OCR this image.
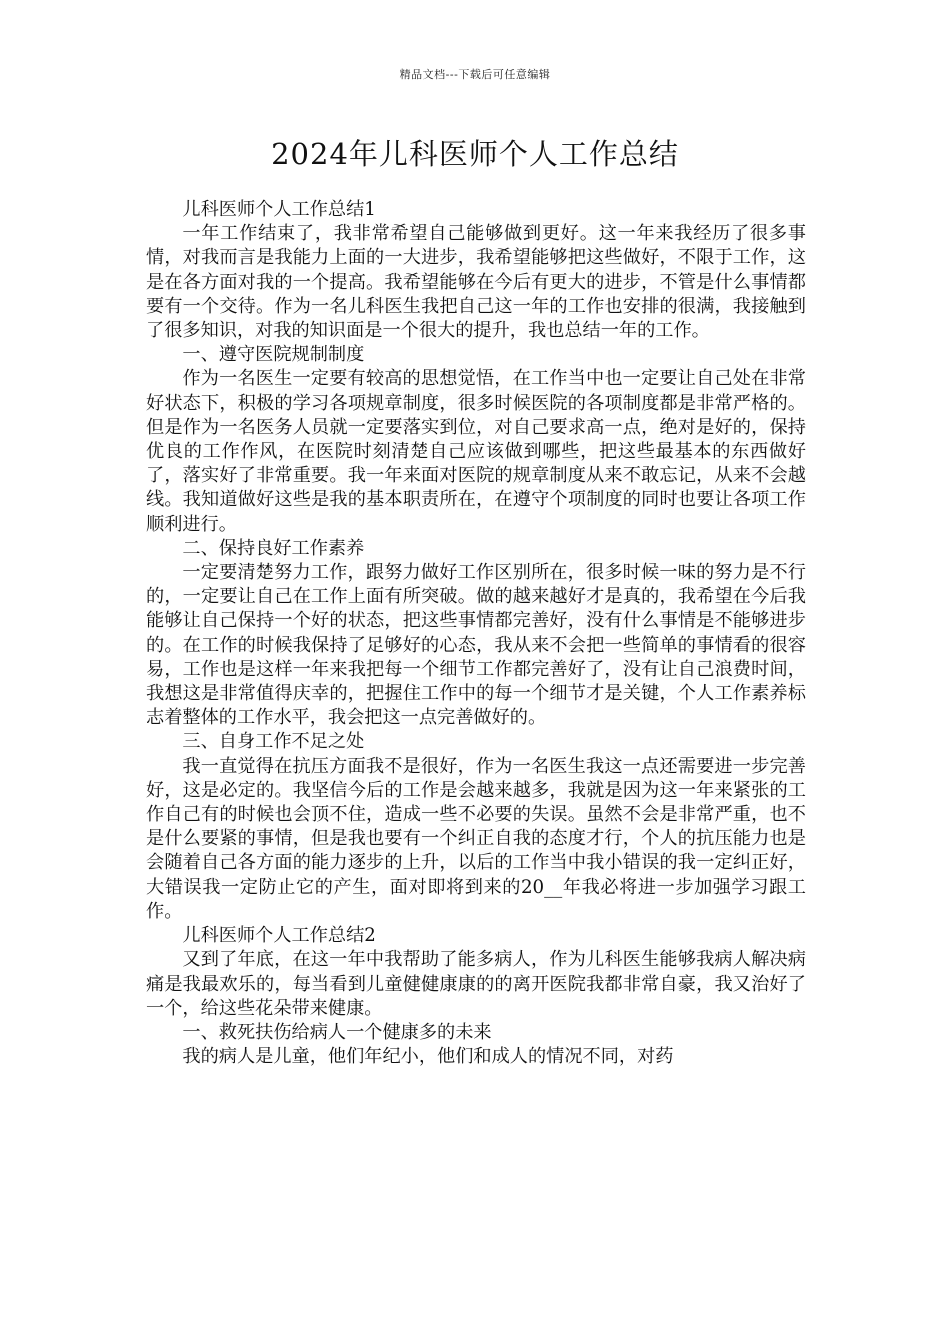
精品文档---下载后可任意编辑
2024年儿科医师个人工作总结

儿科医师个人工作总结1

一年工作结束了，我非常希望自己能够做到更好。这一年来我经历了很多事情，对我而言是我能力上面的一大进步，我希望能够把这些做好，不限于工作，这是在各方面对我的一个提高。我希望能够在今后有更大的进步，不管是什么事情都要有一个交待。作为一名儿科医生我把自己这一年的工作也安排的很满，我接触到了很多知识，对我的知识面是一个很大的提升，我也总结一年的工作。

一、遵守医院规制制度

作为一名医生一定要有较高的思想觉悟，在工作当中也一定要让自己处在非常好状态下，积极的学习各项规章制度，很多时候医院的各项制度都是非常严格的。但是作为一名医务人员就一定要落实到位，对自己要求高一点，绝对是好的，保持优良的工作作风，在医院时刻清楚自己应该做到哪些，把这些最基本的东西做好了，落实好了非常重要。我一年来面对医院的规章制度从来不敢忘记，从来不会越线。我知道做好这些是我的基本职责所在，在遵守个项制度的同时也要让各项工作顺利进行。

二、保持良好工作素养

一定要清楚努力工作，跟努力做好工作区别所在，很多时候一味的努力是不行的，一定要让自己在工作上面有所突破。做的越来越好才是真的，我希望在今后我能够让自己保持一个好的状态，把这些事情都完善好，没有什么事情是不能够进步的。在工作的时候我保持了足够好的心态，我从来不会把一些简单的事情看的很容易，工作也是这样一年来我把每一个细节工作都完善好了，没有让自己浪费时间，我想这是非常值得庆幸的，把握住工作中的每一个细节才是关键，个人工作素养标志着整体的工作水平，我会把这一点完善做好的。

三、自身工作不足之处

我一直觉得在抗压方面我不是很好，作为一名医生我这一点还需要进一步完善好，这是必定的。我坚信今后的工作是会越来越多，我就是因为这一年来紧张的工作自己有的时候也会顶不住，造成一些不必要的失误。虽然不会是非常严重，也不是什么要紧的事情，但是我也要有一个纠正自我的态度才行，个人的抗压能力也是会随着自己各方面的能力逐步的上升，以后的工作当中我小错误的我一定纠正好，大错误我一定防止它的产生，面对即将到来的20__年我必将进一步加强学习跟工作。

儿科医师个人工作总结2

又到了年底，在这一年中我帮助了能多病人，作为儿科医生能够我病人解决病痛是我最欢乐的，每当看到儿童健健康康的的离开医院我都非常自豪，我又治好了一个，给这些花朵带来健康。

一、救死扶伤给病人一个健康多的未来

我的病人是儿童，他们年纪小，他们和成人的情况不同，对药
